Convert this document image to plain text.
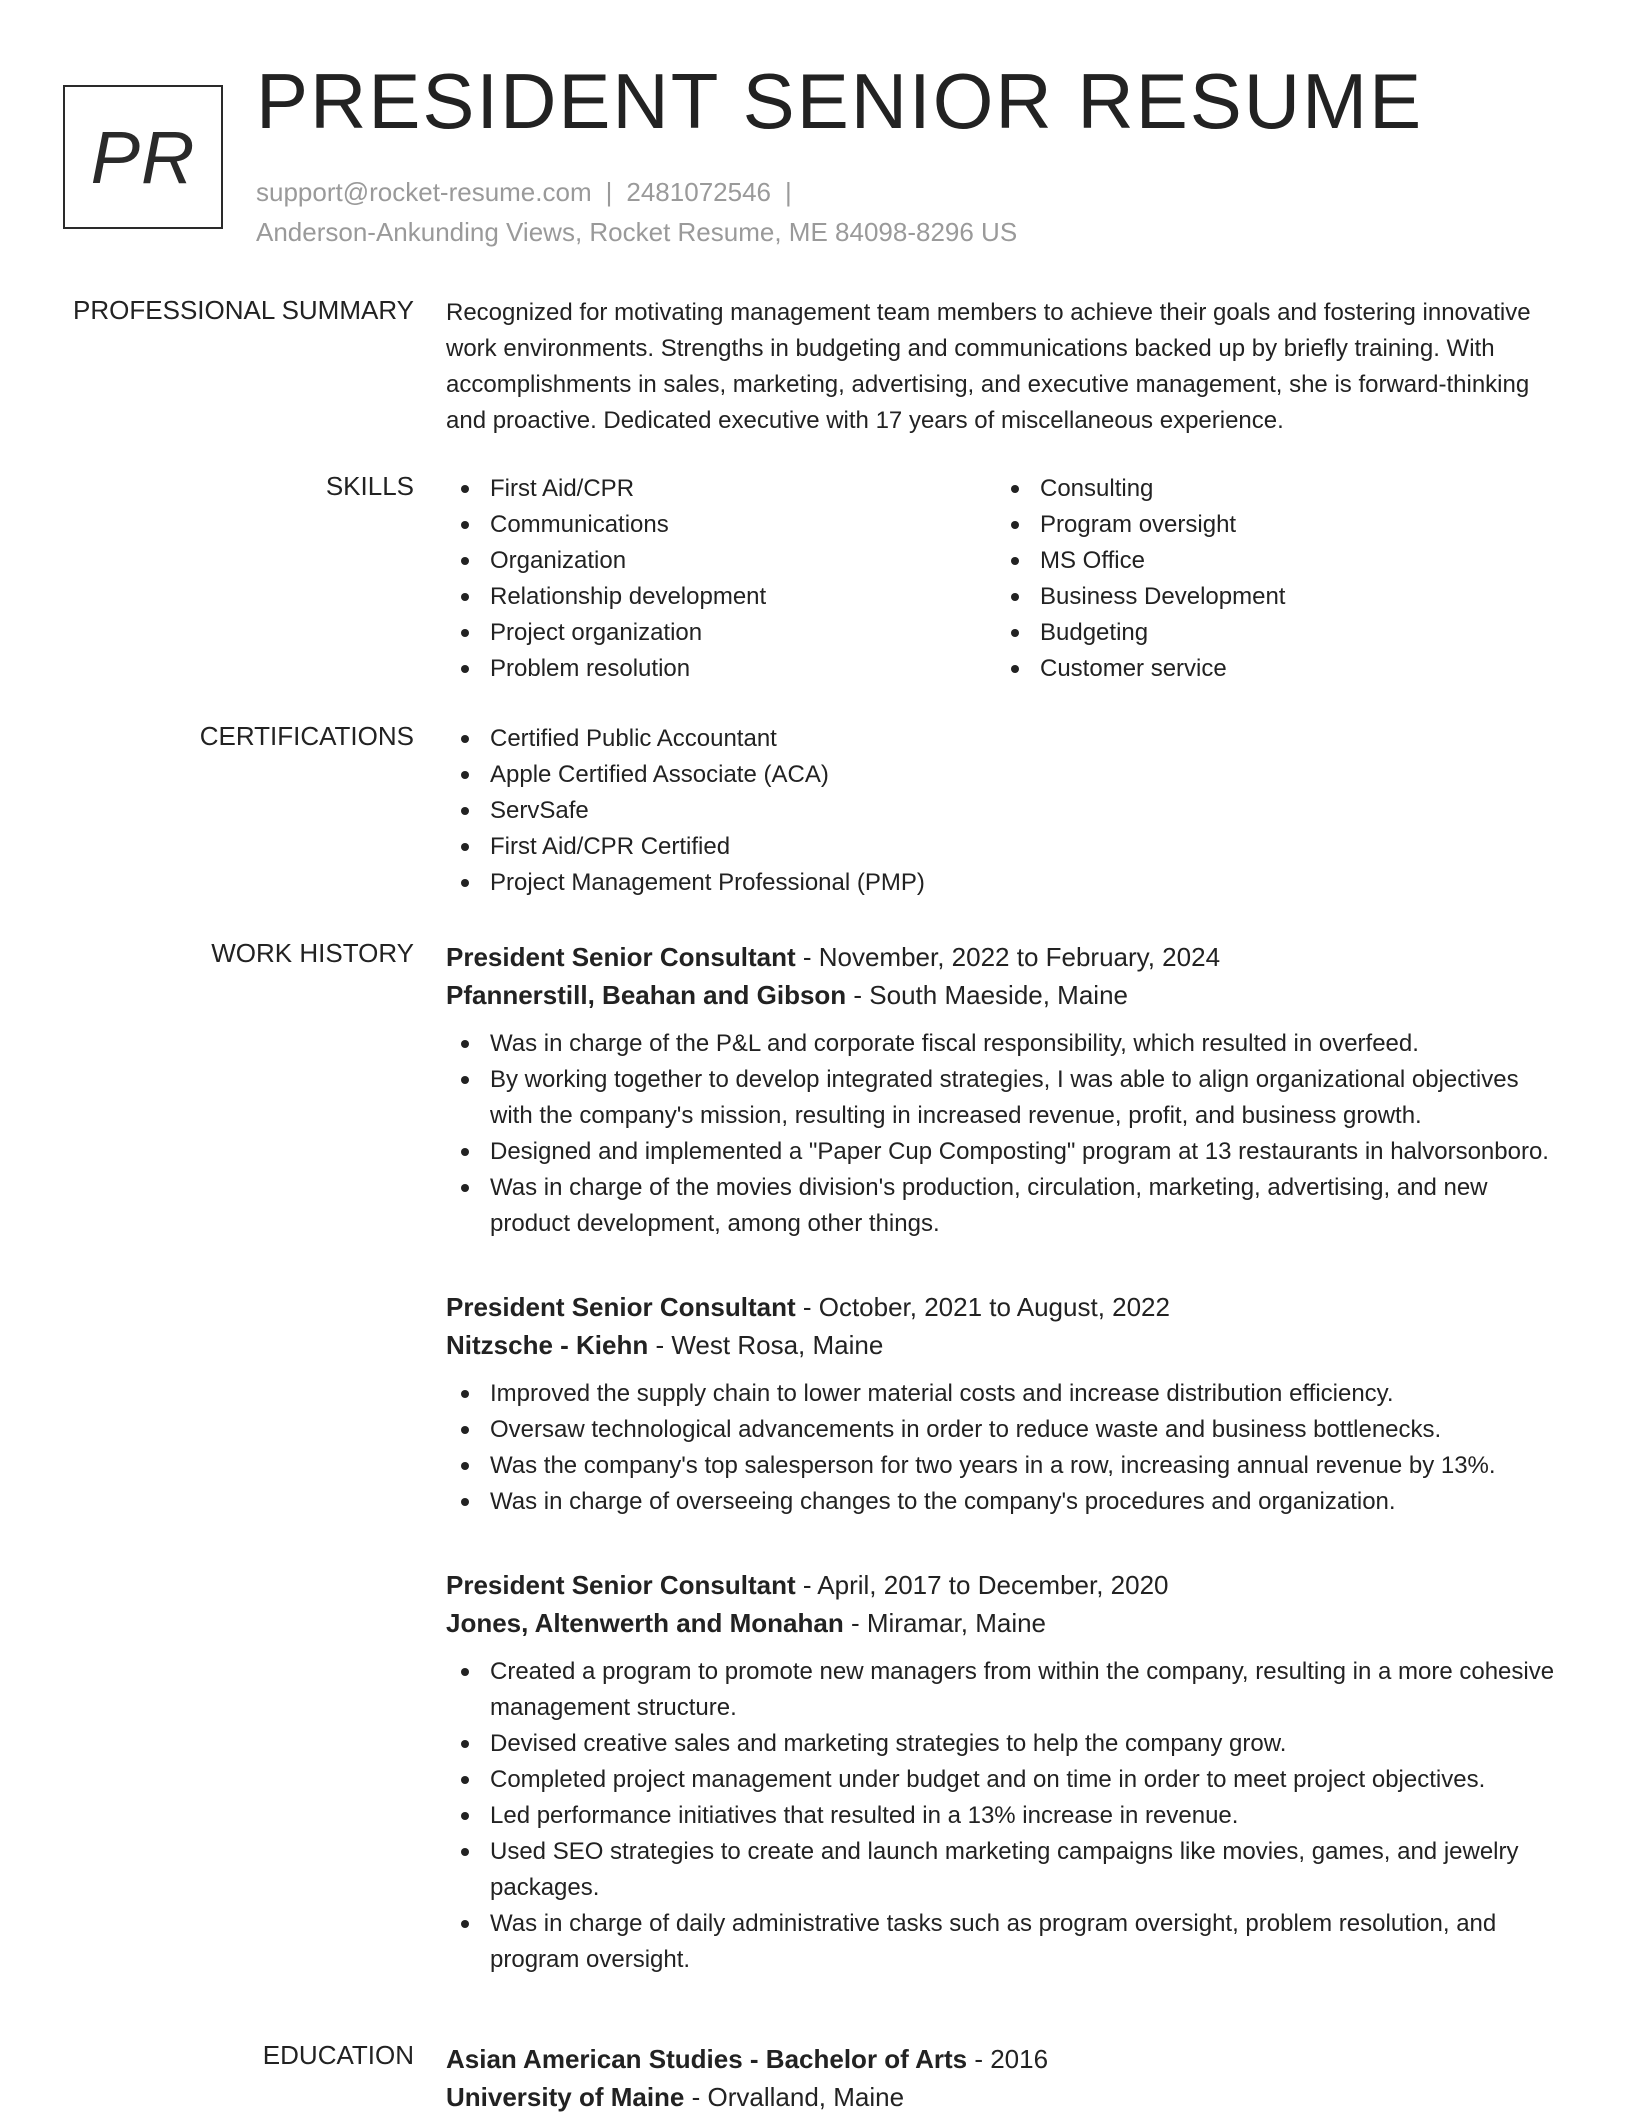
PR
PRESIDENT SENIOR RESUME
support@rocket-resume.com | 2481072546 |
Anderson-Ankunding Views, Rocket Resume, ME 84098-8296 US
PROFESSIONAL SUMMARY Recognized for motivating management team members to achieve their goals and fostering innovative work environments. Strengths in budgeting and communications backed up by briefly training. With accomplishments in sales, marketing, advertising, and executive management, she is forward-thinking and proactive. Dedicated executive with 17 years of miscellaneous experience.
SKILLS	First Aid/CPR
Communications
Organization
Relationship development
Project organization
Problem resolution
Consulting
Program oversight
MS Office
Business Development
Budgeting
Customer service
CERTIFICATIONS	Certified Public Accountant
Apple Certified Associate (ACA)
ServSafe
First Aid/CPR Certified
Project Management Professional (PMP)
WORK HISTORY President Senior Consultant - November, 2022 to February, 2024
Pfannerstill, Beahan and Gibson - South Maeside, Maine
Was in charge of the P&L and corporate fiscal responsibility, which resulted in overfeed.
By working together to develop integrated strategies, I was able to align organizational objectives with the company's mission, resulting in increased revenue, profit, and business growth.
Designed and implemented a "Paper Cup Composting" program at 13 restaurants in halvorsonboro.
Was in charge of the movies division's production, circulation, marketing, advertising, and new product development, among other things.
President Senior Consultant - October, 2021 to August, 2022
Nitzsche - Kiehn - West Rosa, Maine
Improved the supply chain to lower material costs and increase distribution efficiency.
Oversaw technological advancements in order to reduce waste and business bottlenecks.
Was the company's top salesperson for two years in a row, increasing annual revenue by 13%.
Was in charge of overseeing changes to the company's procedures and organization.
President Senior Consultant - April, 2017 to December, 2020
Jones, Altenwerth and Monahan - Miramar, Maine
Created a program to promote new managers from within the company, resulting in a more cohesive management structure.
Devised creative sales and marketing strategies to help the company grow.
Completed project management under budget and on time in order to meet project objectives.
Led performance initiatives that resulted in a 13% increase in revenue.
Used SEO strategies to create and launch marketing campaigns like movies, games, and jewelry packages.
Was in charge of daily administrative tasks such as program oversight, problem resolution, and program oversight.
EDUCATION Asian American Studies - Bachelor of Arts - 2016
University of Maine - Orvalland, Maine
